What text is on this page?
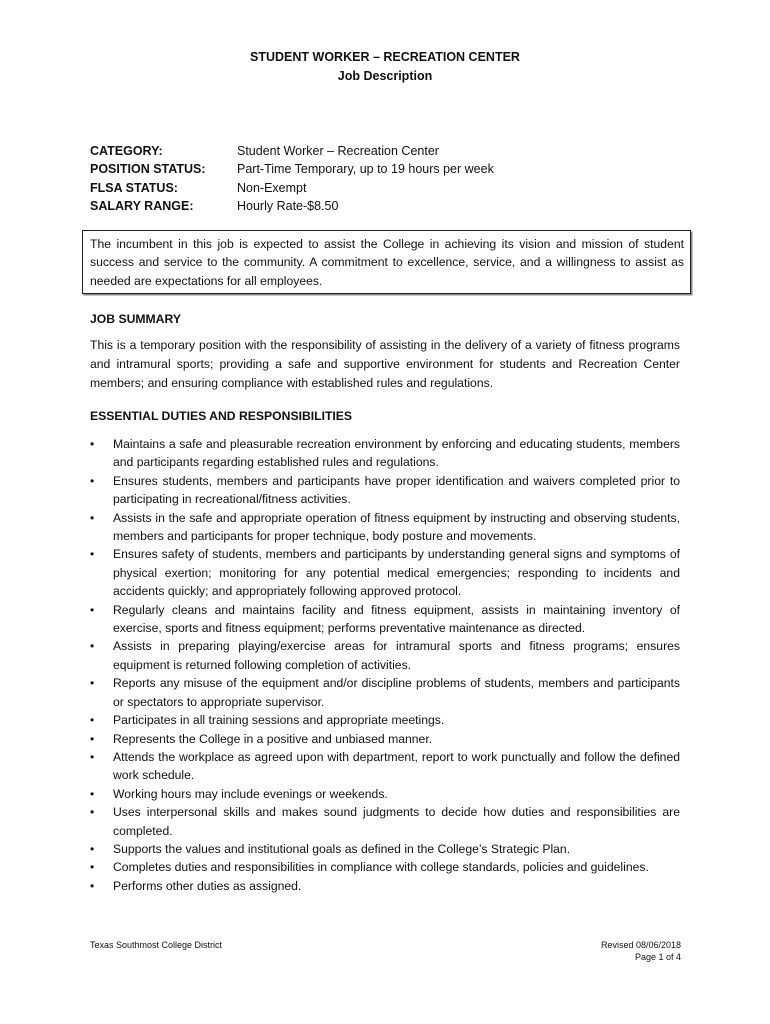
STUDENT WORKER – RECREATION CENTER
Job Description
CATEGORY:	Student Worker – Recreation Center
POSITION STATUS:	Part-Time Temporary, up to 19 hours per week
FLSA STATUS:	Non-Exempt
SALARY RANGE:	Hourly Rate-$8.50
The incumbent in this job is expected to assist the College in achieving its vision and mission of student success and service to the community. A commitment to excellence, service, and a willingness to assist as needed are expectations for all employees.
JOB SUMMARY
This is a temporary position with the responsibility of assisting in the delivery of a variety of fitness programs and intramural sports; providing a safe and supportive environment for students and Recreation Center members; and ensuring compliance with established rules and regulations.
ESSENTIAL DUTIES AND RESPONSIBILITIES
• Maintains a safe and pleasurable recreation environment by enforcing and educating students, members and participants regarding established rules and regulations.
• Ensures students, members and participants have proper identification and waivers completed prior to participating in recreational/fitness activities.
• Assists in the safe and appropriate operation of fitness equipment by instructing and observing students, members and participants for proper technique, body posture and movements.
• Ensures safety of students, members and participants by understanding general signs and symptoms of physical exertion; monitoring for any potential medical emergencies; responding to incidents and accidents quickly; and appropriately following approved protocol.
• Regularly cleans and maintains facility and fitness equipment, assists in maintaining inventory of exercise, sports and fitness equipment; performs preventative maintenance as directed.
• Assists in preparing playing/exercise areas for intramural sports and fitness programs; ensures equipment is returned following completion of activities.
• Reports any misuse of the equipment and/or discipline problems of students, members and participants or spectators to appropriate supervisor.
• Participates in all training sessions and appropriate meetings.
• Represents the College in a positive and unbiased manner.
• Attends the workplace as agreed upon with department, report to work punctually and follow the defined work schedule.
• Working hours may include evenings or weekends.
• Uses interpersonal skills and makes sound judgments to decide how duties and responsibilities are completed.
• Supports the values and institutional goals as defined in the College’s Strategic Plan.
• Completes duties and responsibilities in compliance with college standards, policies and guidelines.
• Performs other duties as assigned.
Texas Southmost College District	Revised 08/06/2018
Page 1 of 4
